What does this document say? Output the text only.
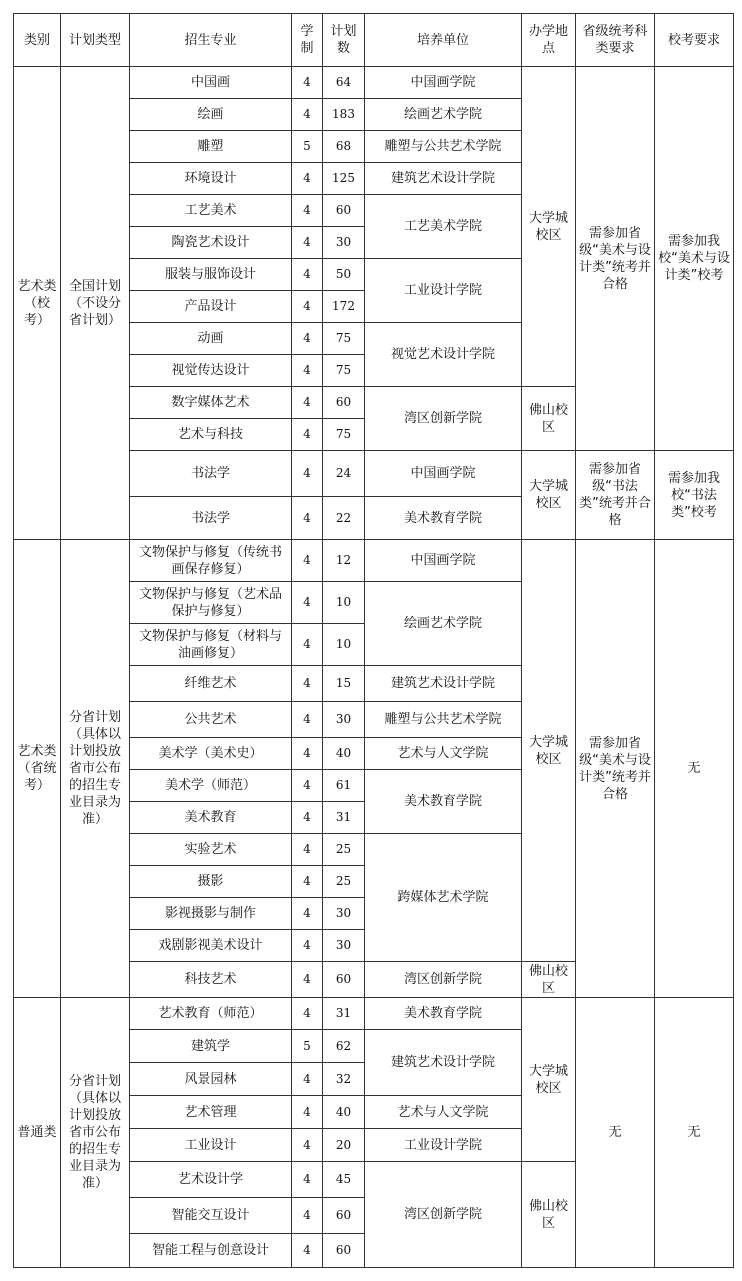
类别	计划类型	招生专业	学制	计划数	培养单位	办学地点	省级统考科类要求	校考要求
艺术类（校考）	全国计划（不设分省计划）	中国画	4	64	中国画学院	大学城校区	需参加省级“美术与设计类”统考并合格	需参加我校“美术与设计类”校考
		绘画	4	183	绘画艺术学院			
		雕塑	5	68	雕塑与公共艺术学院			
		环境设计	4	125	建筑艺术设计学院			
		工艺美术	4	60	工艺美术学院			
		陶瓷艺术设计	4	30				
		服装与服饰设计	4	50	工业设计学院			
		产品设计	4	172				
		动画	4	75	视觉艺术设计学院			
		视觉传达设计	4	75				
		数字媒体艺术	4	60	湾区创新学院	佛山校区		
		艺术与科技	4	75				
		书法学	4	24	中国画学院	大学城校区	需参加省级“书法类”统考并合格	需参加我校“书法类”校考
		书法学	4	22	美术教育学院			
艺术类（省统考）	分省计划（具体以计划投放省市公布的招生专业目录为准）	文物保护与修复（传统书画保存修复）	4	12	中国画学院	大学城校区	需参加省级“美术与设计类”统考并合格	无
		文物保护与修复（艺术品保护与修复）	4	10	绘画艺术学院			
		文物保护与修复（材料与油画修复）	4	10				
		纤维艺术	4	15	建筑艺术设计学院			
		公共艺术	4	30	雕塑与公共艺术学院			
		美术学（美术史）	4	40	艺术与人文学院			
		美术学（师范）	4	61	美术教育学院			
		美术教育	4	31				
		实验艺术	4	25	跨媒体艺术学院			
		摄影	4	25				
		影视摄影与制作	4	30				
		戏剧影视美术设计	4	30				
		科技艺术	4	60	湾区创新学院	佛山校区		
普通类	分省计划（具体以计划投放省市公布的招生专业目录为准）	艺术教育（师范）	4	31	美术教育学院	大学城校区	无	无
		建筑学	5	62	建筑艺术设计学院			
		风景园林	4	32				
		艺术管理	4	40	艺术与人文学院			
		工业设计	4	20	工业设计学院			
		艺术设计学	4	45	湾区创新学院	佛山校区		
		智能交互设计	4	60				
		智能工程与创意设计	4	60				
